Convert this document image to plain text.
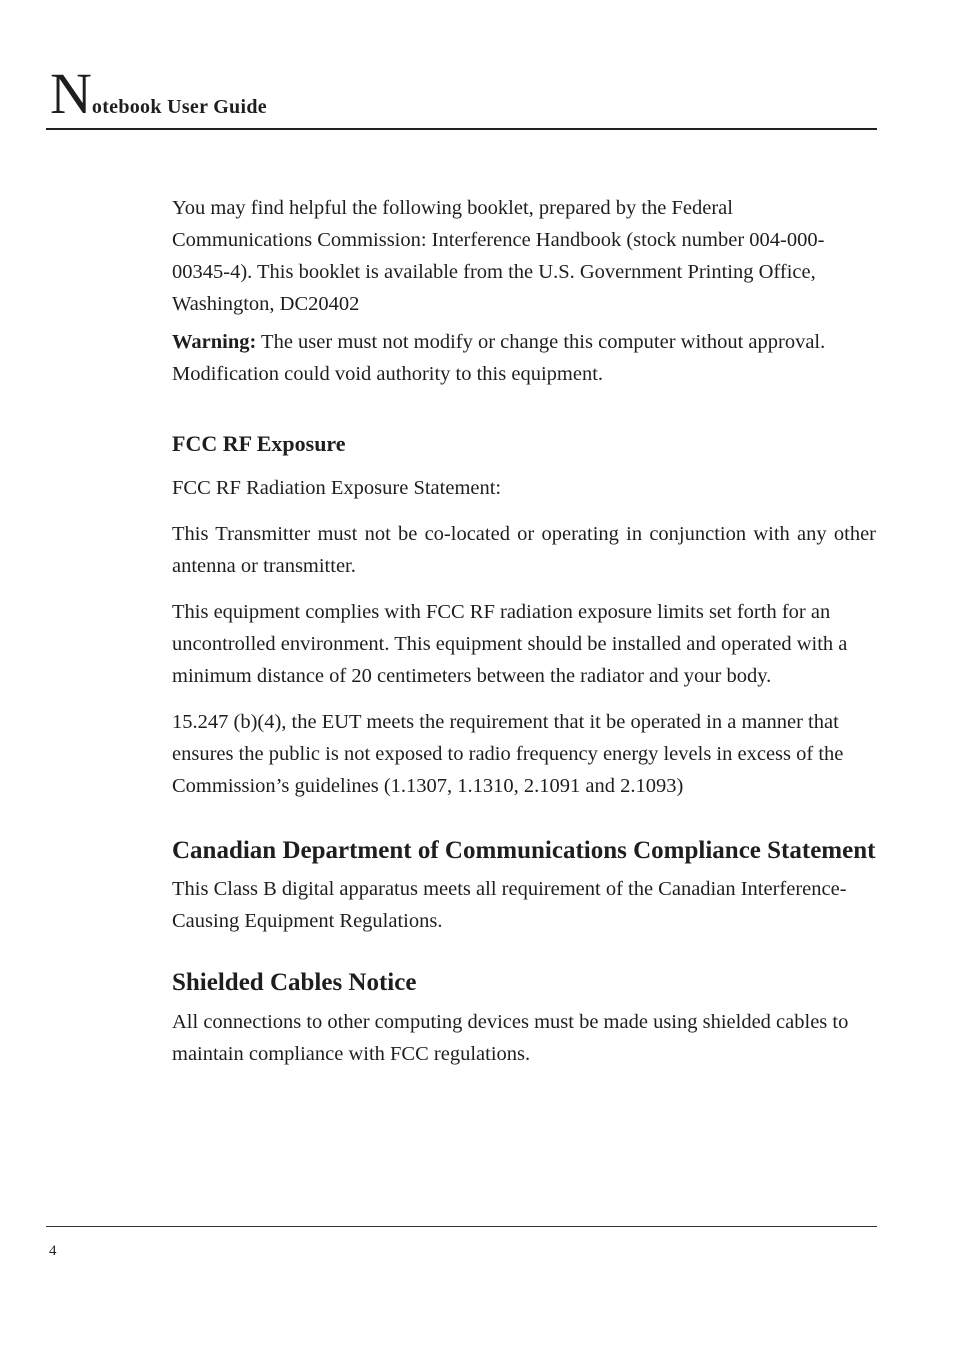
Notebook User Guide

You may find helpful the following booklet, prepared by the Federal Communications Commission: Interference Handbook (stock number 004-000-00345-4). This booklet is available from the U.S. Government Printing Office, Washington, DC20402

Warning: The user must not modify or change this computer without approval. Modification could void authority to this equipment.

FCC RF Exposure

FCC RF Radiation Exposure Statement:

This Transmitter must not be co-located or operating in conjunction with any other antenna or transmitter.

This equipment complies with FCC RF radiation exposure limits set forth for an uncontrolled environment. This equipment should be installed and operated with a minimum distance of 20 centimeters between the radiator and your body.

15.247 (b)(4), the EUT meets the requirement that it be operated in a manner that ensures the public is not exposed to radio frequency energy levels in excess of the Commission’s guidelines (1.1307, 1.1310, 2.1091 and 2.1093)

Canadian Department of Communications Compliance Statement

This Class B digital apparatus meets all requirement of the Canadian Interference-Causing Equipment Regulations.

Shielded Cables Notice

All connections to other computing devices must be made using shielded cables to maintain compliance with FCC regulations.

4
